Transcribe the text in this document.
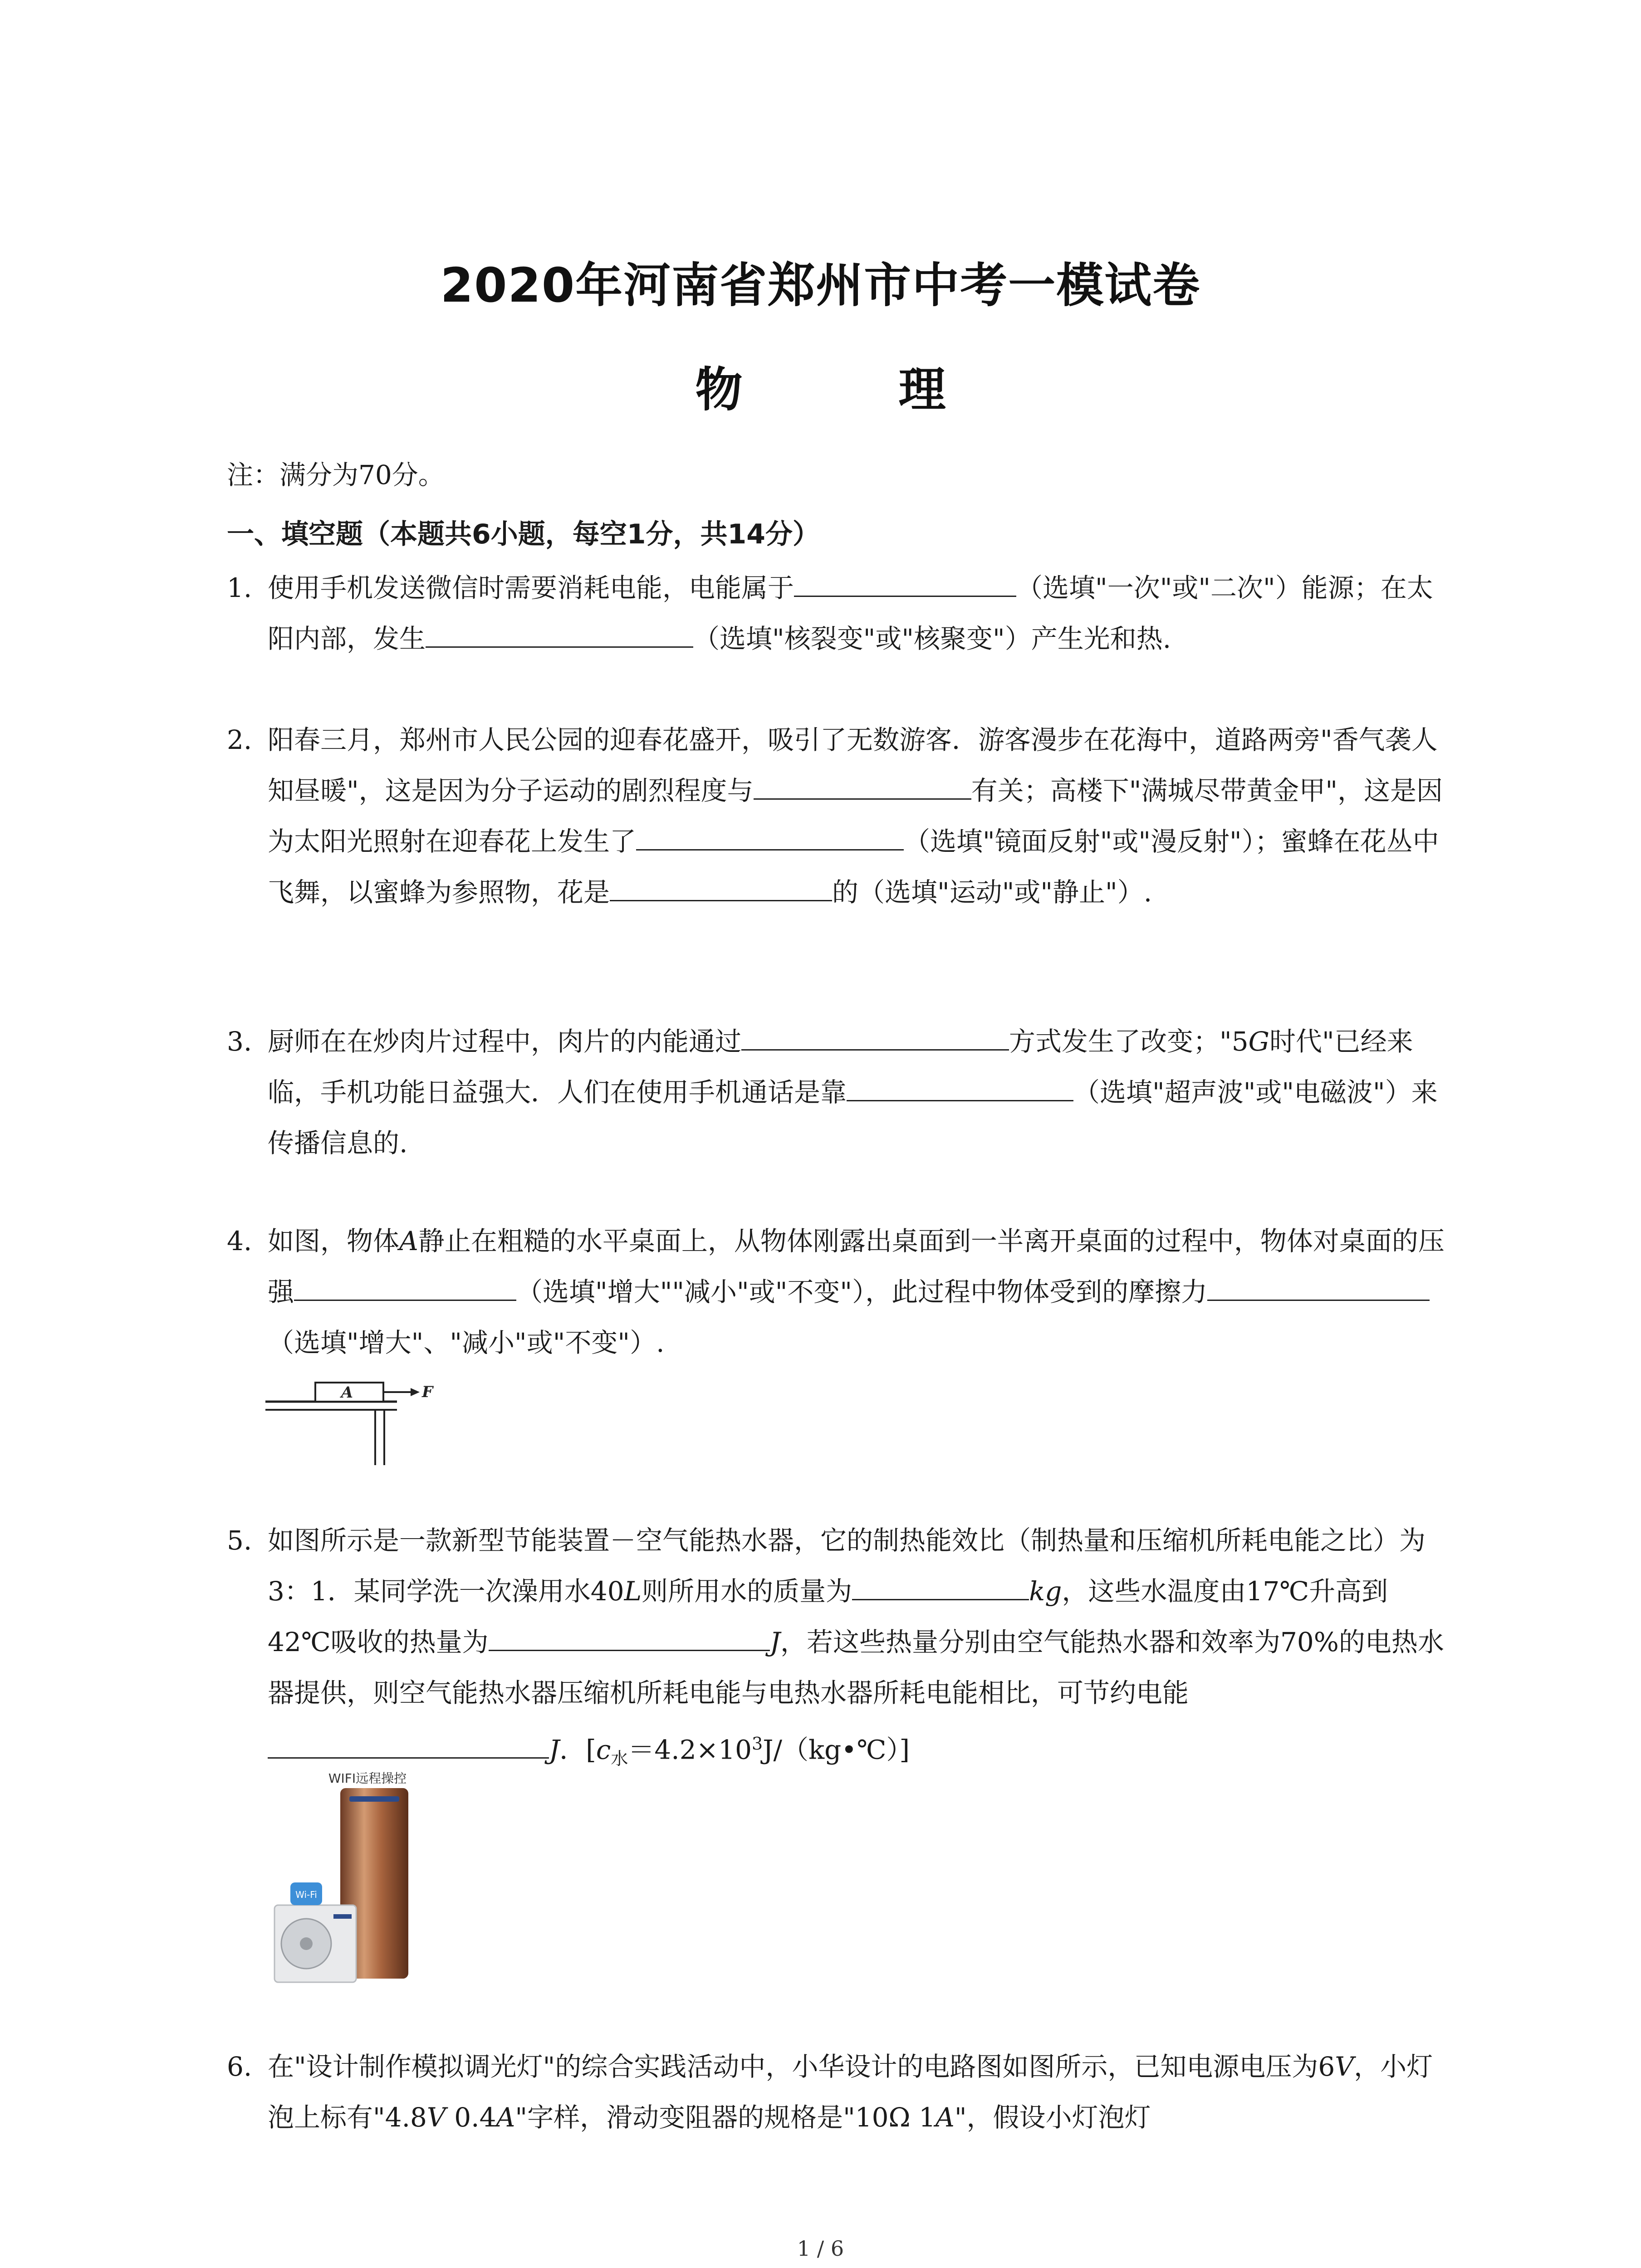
2020年河南省郑州市中考一模试卷
物　理
注：满分为70分。
一、填空题（本题共6小题，每空1分，共14分）
1. 使用手机发送微信时需要消耗电能，电能属于	（选填"一次"或"二次"）能源；在太阳内部，发生	（选填"核裂变"或"核聚变"）产生光和热.
2. 阳春三月，郑州市人民公园的迎春花盛开，吸引了无数游客．游客漫步在花海中，道路两旁"香气袭人知昼暖"，这是因为分子运动的剧烈程度与	有关；高楼下"满城尽带黄金甲"，这是因为太阳光照射在迎春花上发生了	（选填"镜面反射"或"漫反射"）；蜜蜂在花丛中飞舞，以蜜蜂为参照物，花是	的（选填"运动"或"静止"）.
3. 厨师在在炒肉片过程中，肉片的内能通过	方式发生了改变；"5G时代"已经来临，手机功能日益强大．人们在使用手机通话是靠	（选填"超声波"或"电磁波"）来传播信息的.
4. 如图，物体A静止在粗糙的水平桌面上，从物体刚露出桌面到一半离开桌面的过程中，物体对桌面的压强	（选填"增大""减小"或"不变"），此过程中物体受到的摩擦力（选填"增大"、"减小"或"不变"）.
A	F
5. 如图所示是一款新型节能装置－空气能热水器，它的制热能效比（制热量和压缩机所耗电能之比）为3：1．某同学洗一次澡用水40L则所用水的质量为	kg，这些水温度由17℃升高到42℃吸收的热量为	J，若这些热量分别由空气能热水器和效率为70%的电热水器提供，则空气能热水器压缩机所耗电能与电热水器所耗电能相比，可节约电能J．$[c_水=4.2\times 10^3J/(kg•℃)]$
WIFI远程操控
Wi-Fi
6. 在"设计制作模拟调光灯"的综合实践活动中，小华设计的电路图如图所示，已知电源电压为6V，小灯泡上标有"4.8V 0.4A"字样，滑动变阻器的规格是"10Ω 1A"，假设小灯泡灯
1 / 6
